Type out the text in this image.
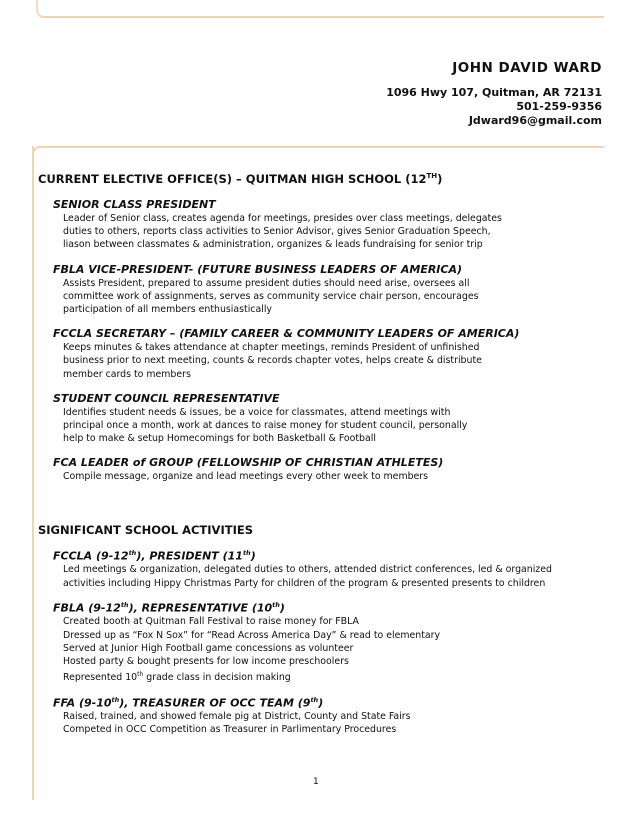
JOHN DAVID WARD
1096 Hwy 107, Quitman, AR 72131
501-259-9356
Jdward96@gmail.com
CURRENT ELECTIVE OFFICE(S) – QUITMAN HIGH SCHOOL (12TH)
SENIOR CLASS PRESIDENT
Leader of Senior class, creates agenda for meetings, presides over class meetings, delegates
duties to others, reports class activities to Senior Advisor, gives Senior Graduation Speech,
liason between classmates & administration, organizes & leads fundraising for senior trip
FBLA VICE-PRESIDENT- (FUTURE BUSINESS LEADERS OF AMERICA)
Assists President, prepared to assume president duties should need arise, oversees all
committee work of assignments, serves as community service chair person, encourages
participation of all members enthusiastically
FCCLA SECRETARY – (FAMILY CAREER & COMMUNITY LEADERS OF AMERICA)
Keeps minutes & takes attendance at chapter meetings, reminds President of unfinished
business prior to next meeting, counts & records chapter votes, helps create & distribute
member cards to members
STUDENT COUNCIL REPRESENTATIVE
Identifies student needs & issues, be a voice for classmates, attend meetings with
principal once a month, work at dances to raise money for student council, personally
help to make & setup Homecomings for both Basketball & Football
FCA LEADER of GROUP (FELLOWSHIP OF CHRISTIAN ATHLETES)
Compile message, organize and lead meetings every other week to members
SIGNIFICANT SCHOOL ACTIVITIES
FCCLA (9-12th), PRESIDENT (11th)
Led meetings & organization, delegated duties to others, attended district conferences, led & organized
activities including Hippy Christmas Party for children of the program & presented presents to children
FBLA (9-12th), REPRESENTATIVE (10th)
Created booth at Quitman Fall Festival to raise money for FBLA
Dressed up as “Fox N Sox” for “Read Across America Day” & read to elementary
Served at Junior High Football game concessions as volunteer
Hosted party & bought presents for low income preschoolers
Represented 10th grade class in decision making
FFA (9-10th), TREASURER OF OCC TEAM (9th)
Raised, trained, and showed female pig at District, County and State Fairs
Competed in OCC Competition as Treasurer in Parlimentary Procedures
1
